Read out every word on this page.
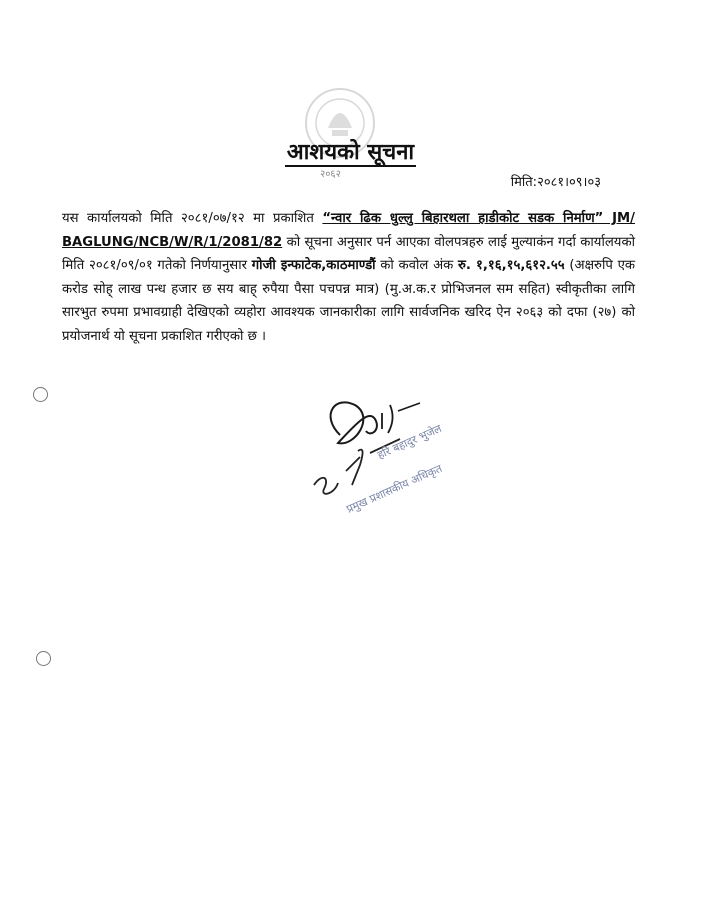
२०६२
आशयको सूचना
मिति:२०८१।०९।०३
यस कार्यालयको मिति २०८१/०७/१२ मा प्रकाशित “न्वार ढिक धुल्लु बिहारथला हाडीकोट सडक निर्माण” JM/ BAGLUNG/NCB/W/R/1/2081/82 को सूचना अनुसार पर्न आएका वोलपत्रहरु लाई मुल्याकंन गर्दा कार्यालयको मिति २०८१/०९/०१ गतेको निर्णयानुसार गोजी इन्फाटेक,काठमाण्डौं को कवोल अंक रु. १,१६,१५,६१२.५५ (अक्षरुपि एक करोड सोह् लाख पन्ध हजार छ सय बाह् रुपैया पैसा पचपन्न मात्र) (मु.अ.क.र प्रोभिजनल सम सहित) स्वीकृतीका लागि सारभुत रुपमा प्रभावग्राही देखिएको व्यहोरा आवश्यक जानकारीका लागि सार्वजनिक खरिद ऐन २०६३ को दफा (२७) को प्रयोजनार्थ यो सूचना प्रकाशित गरीएको छ ।
हरि बहादुर भुजेल
प्रमुख प्रशासकीय अधिकृत
